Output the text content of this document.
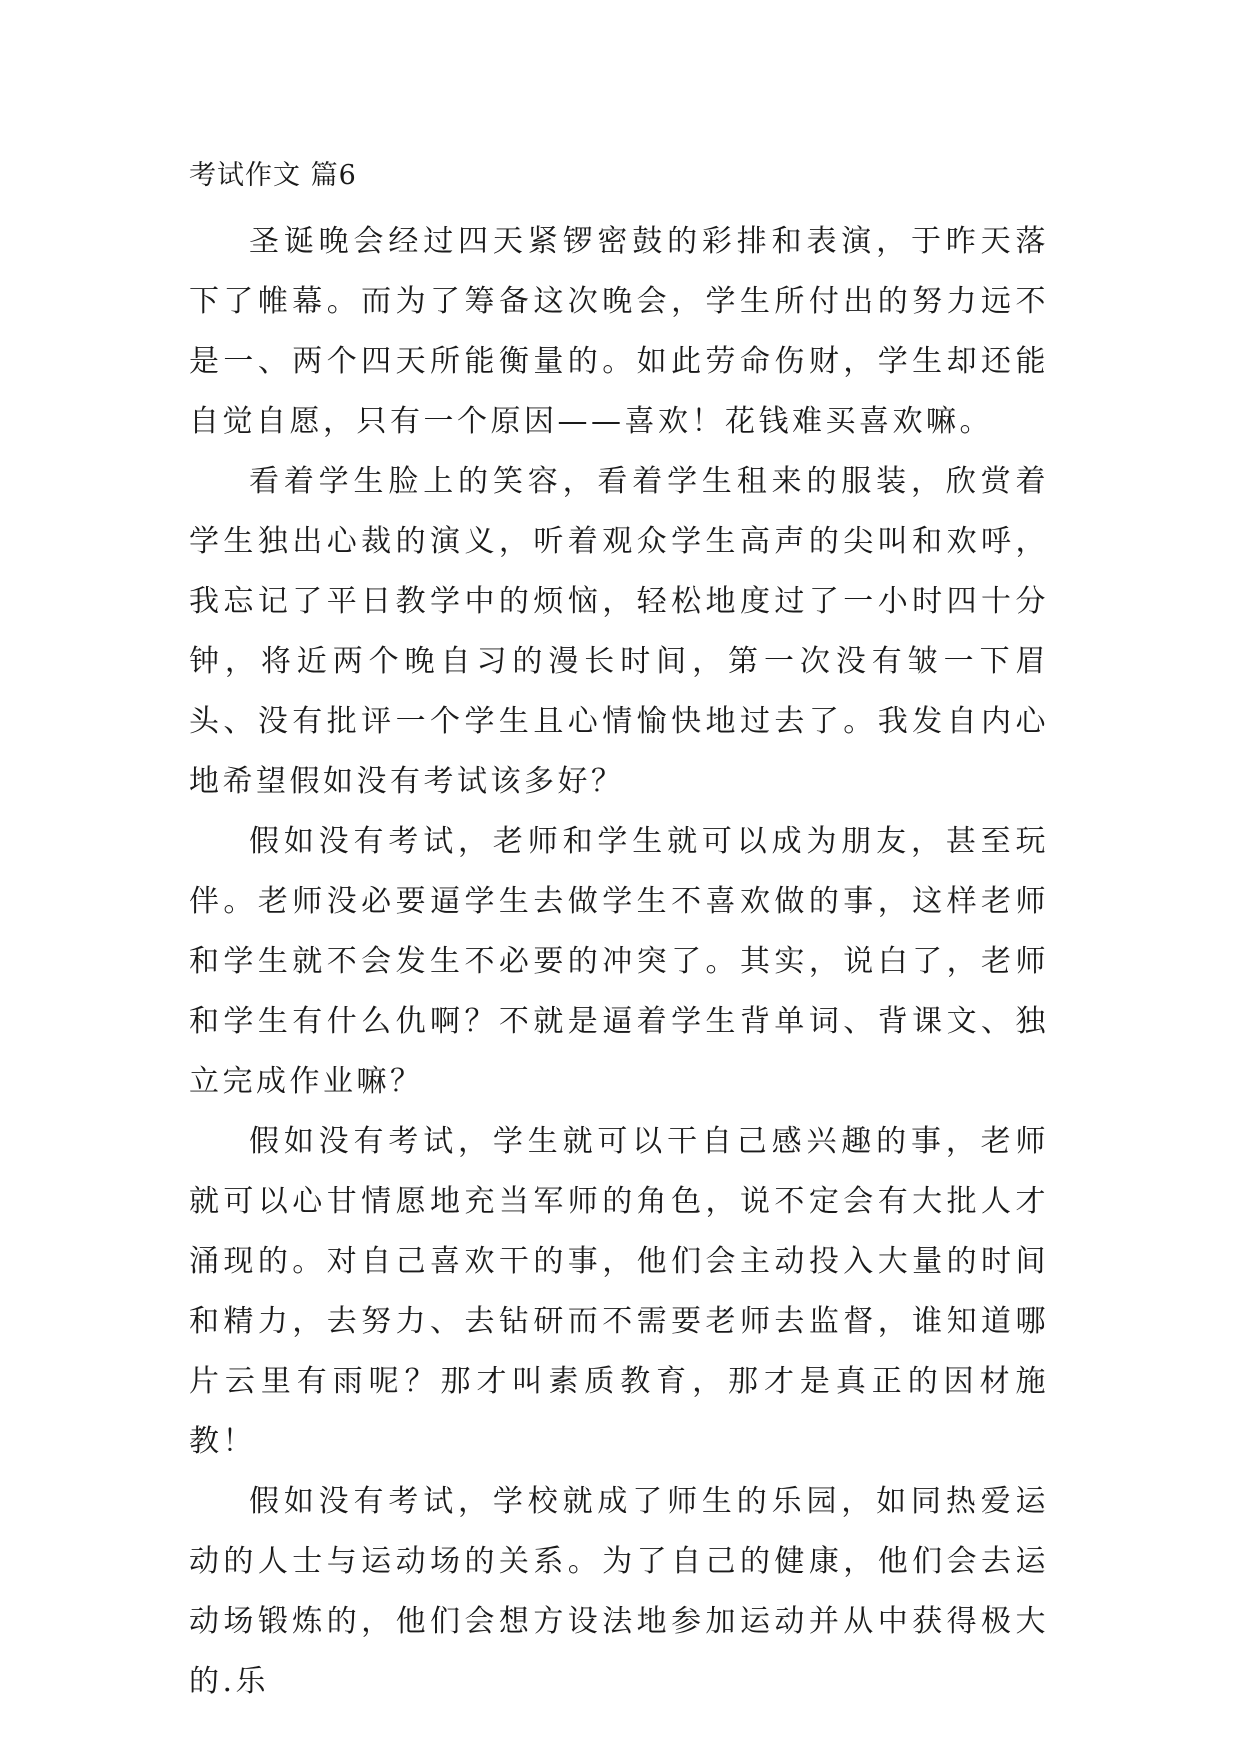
考试作文 篇6

圣诞晚会经过四天紧锣密鼓的彩排和表演，于昨天落下了帷幕。而为了筹备这次晚会，学生所付出的努力远不是一、两个四天所能衡量的。如此劳命伤财，学生却还能自觉自愿，只有一个原因——喜欢！花钱难买喜欢嘛。

看着学生脸上的笑容，看着学生租来的服装，欣赏着学生独出心裁的演义，听着观众学生高声的尖叫和欢呼，我忘记了平日教学中的烦恼，轻松地度过了一小时四十分钟，将近两个晚自习的漫长时间，第一次没有皱一下眉头、没有批评一个学生且心情愉快地过去了。我发自内心地希望假如没有考试该多好？

假如没有考试，老师和学生就可以成为朋友，甚至玩伴。老师没必要逼学生去做学生不喜欢做的事，这样老师和学生就不会发生不必要的冲突了。其实，说白了，老师和学生有什么仇啊？不就是逼着学生背单词、背课文、独立完成作业嘛？

假如没有考试，学生就可以干自己感兴趣的事，老师就可以心甘情愿地充当军师的角色，说不定会有大批人才涌现的。对自己喜欢干的事，他们会主动投入大量的时间和精力，去努力、去钻研而不需要老师去监督，谁知道哪片云里有雨呢？那才叫素质教育，那才是真正的因材施教！

假如没有考试，学校就成了师生的乐园，如同热爱运动的人士与运动场的关系。为了自己的健康，他们会去运动场锻炼的，他们会想方设法地参加运动并从中获得极大的.乐
